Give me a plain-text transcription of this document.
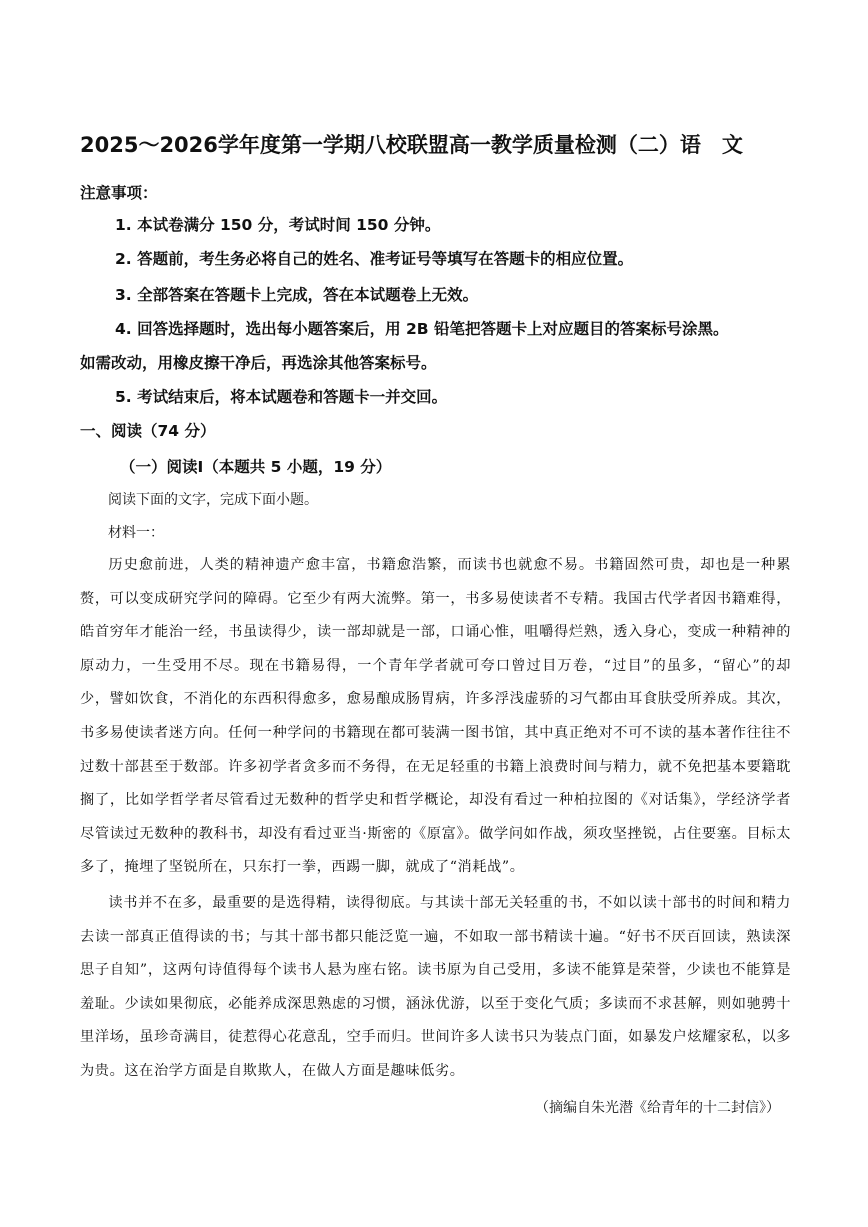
2025～2026学年度第一学期八校联盟高一教学质量检测（二）语　文
注意事项：
1. 本试卷满分 150 分，考试时间 150 分钟。
2. 答题前，考生务必将自己的姓名、准考证号等填写在答题卡的相应位置。
3. 全部答案在答题卡上完成，答在本试题卷上无效。
4. 回答选择题时，选出每小题答案后，用 2B 铅笔把答题卡上对应题目的答案标号涂黑。
如需改动，用橡皮擦干净后，再选涂其他答案标号。
5. 考试结束后，将本试题卷和答题卡一并交回。
一、阅读（74 分）
（一）阅读Ⅰ（本题共 5 小题，19 分）
阅读下面的文字，完成下面小题。
材料一：
历史愈前进，人类的精神遗产愈丰富，书籍愈浩繁，而读书也就愈不易。书籍固然可贵，却也是一种累赘，可以变成研究学问的障碍。它至少有两大流弊。第一，书多易使读者不专精。我国古代学者因书籍难得，皓首穷年才能治一经，书虽读得少，读一部却就是一部，口诵心惟，咀嚼得烂熟，透入身心，变成一种精神的原动力，一生受用不尽。现在书籍易得，一个青年学者就可夸口曾过目万卷，“过目”的虽多，“留心”的却少，譬如饮食，不消化的东西积得愈多，愈易酿成肠胃病，许多浮浅虚骄的习气都由耳食肤受所养成。其次，书多易使读者迷方向。任何一种学问的书籍现在都可装满一图书馆，其中真正绝对不可不读的基本著作往往不过数十部甚至于数部。许多初学者贪多而不务得，在无足轻重的书籍上浪费时间与精力，就不免把基本要籍耽搁了，比如学哲学者尽管看过无数种的哲学史和哲学概论，却没有看过一种柏拉图的《对话集》，学经济学者尽管读过无数种的教科书，却没有看过亚当·斯密的《原富》。做学问如作战，须攻坚挫锐，占住要塞。目标太多了，掩埋了坚锐所在，只东打一拳，西踢一脚，就成了“消耗战”。
读书并不在多，最重要的是选得精，读得彻底。与其读十部无关轻重的书，不如以读十部书的时间和精力去读一部真正值得读的书；与其十部书都只能泛览一遍，不如取一部书精读十遍。“好书不厌百回读，熟读深思子自知”，这两句诗值得每个读书人悬为座右铭。读书原为自己受用，多读不能算是荣誉，少读也不能算是羞耻。少读如果彻底，必能养成深思熟虑的习惯，涵泳优游，以至于变化气质；多读而不求甚解，则如驰骋十里洋场，虽珍奇满目，徒惹得心花意乱，空手而归。世间许多人读书只为装点门面，如暴发户炫耀家私，以多为贵。这在治学方面是自欺欺人，在做人方面是趣味低劣。
（摘编自朱光潜《给青年的十二封信》）
